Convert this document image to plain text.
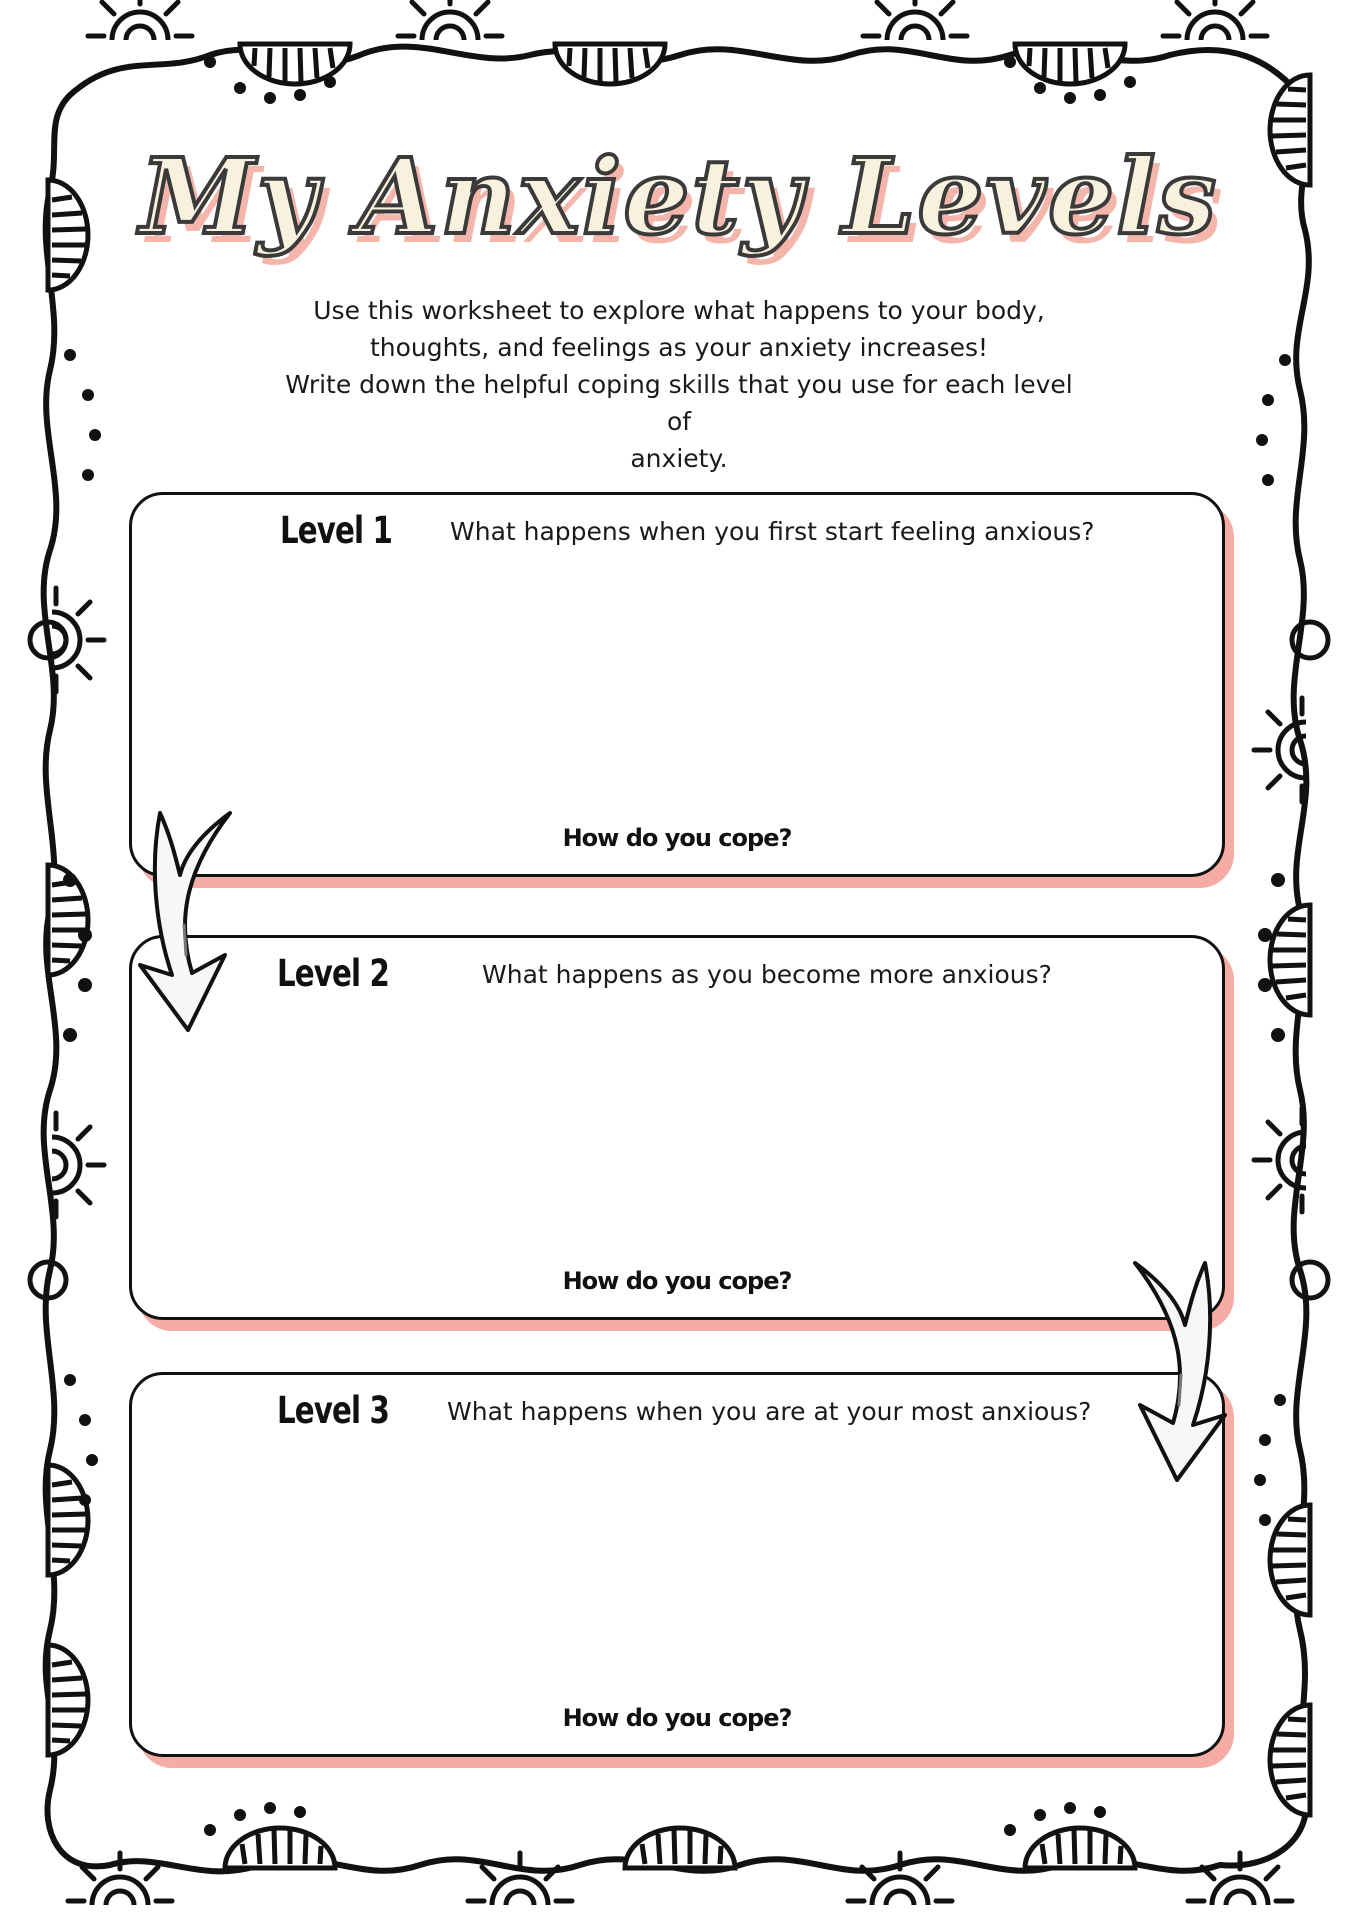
My Anxiety Levels

Use this worksheet to explore what happens to your body,

thoughts, and feelings as your anxiety increases!

Write down the helpful coping skills that you use for each level of

anxiety.

Level 1 What happens when you first start feeling anxious?
How do you cope?
Level 2	What happens as you become more anxious?
How do you cope?
Level 3 What happens when you are at your most anxious?
How do you cope?
